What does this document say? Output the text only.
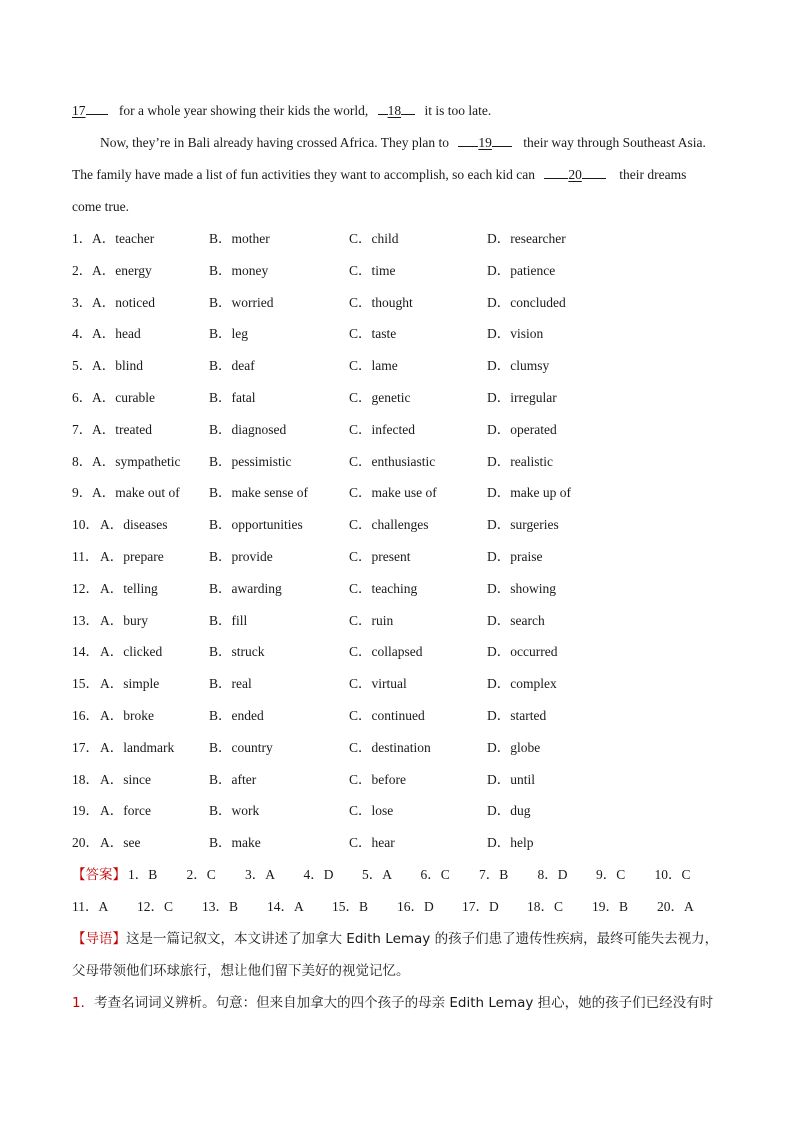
17 for a whole year showing their kids the world, 18 it is too late.
Now, they’re in Bali already having crossed Africa. They plan to 19 their way through Southeast Asia.
The family have made a list of fun activities they want to accomplish, so each kid can 20	their dreams
come true.
1． A．teacher	B．mother	C．child	D．researcher
2． A．energy	B．money	C．time	D．patience
3． A．noticed	B．worried	C．thought	D．concluded
4． A．head	B．leg	C．taste	D．vision
5． A．blind	B．deaf	C．lame	D．clumsy
6． A．curable	B．fatal	C．genetic	D．irregular
7． A．treated	B．diagnosed	C．infected	D．operated
8． A．sympathetic B．pessimistic	C．enthusiastic	D．realistic
9． A．make out of B．make sense of	C．make use of	D．make up of
10． A．diseases	B．opportunities	C．challenges	D．surgeries
11． A．prepare	B．provide	C．present	D．praise
12． A．telling	B．awarding	C．teaching	D．showing
13． A．bury	B．fill	C．ruin	D．search
14． A．clicked	B．struck	C．collapsed	D．occurred
15． A．simple	B．real	C．virtual	D．complex
16． A．broke	B．ended	C．continued	D．started
17． A．landmark	B．country	C．destination	D．globe
18． A．since	B．after	C．before	D．until
19． A．force	B．work	C．lose	D．dug
20． A．see	B．make	C．hear	D．help
【答案】 1．B 2．C 3．A 4．D 5．A 6．C 7．B 8．D 9．C 10．C
11．A 12．C 13．B 14．A 15．B 16．D 17．D 18．C 19．B 20．A
【导语】这是一篇记叙文，本文讲述了加拿大 Edith Lemay 的孩子们患了遗传性疾病，最终可能失去视力，
父母带领他们环球旅行，想让他们留下美好的视觉记忆。
1．考查名词词义辨析。句意：但来自加拿大的四个孩子的母亲 Edith Lemay 担心，她的孩子们已经没有时
